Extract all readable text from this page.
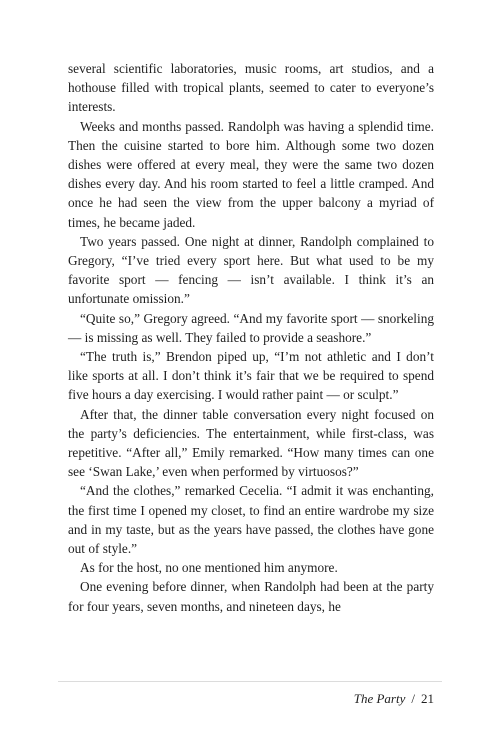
several scientific laboratories, music rooms, art studios, and a hothouse filled with tropical plants, seemed to cater to everyone’s interests.

Weeks and months passed. Randolph was having a splendid time. Then the cuisine started to bore him. Although some two dozen dishes were offered at every meal, they were the same two dozen dishes every day. And his room started to feel a little cramped. And once he had seen the view from the upper balcony a myriad of times, he became jaded.

Two years passed. One night at dinner, Randolph complained to Gregory, “I’ve tried every sport here. But what used to be my favorite sport — fencing — isn’t available. I think it’s an unfortunate omission.”

“Quite so,” Gregory agreed. “And my favorite sport — snorkeling — is missing as well. They failed to provide a seashore.”

“The truth is,” Brendon piped up, “I’m not athletic and I don’t like sports at all. I don’t think it’s fair that we be required to spend five hours a day exercising. I would rather paint — or sculpt.”

After that, the dinner table conversation every night focused on the party’s deficiencies. The entertainment, while first-class, was repetitive. “After all,” Emily remarked. “How many times can one see ‘Swan Lake,’ even when performed by virtuosos?”

“And the clothes,” remarked Cecelia. “I admit it was enchanting, the first time I opened my closet, to find an entire wardrobe my size and in my taste, but as the years have passed, the clothes have gone out of style.”

As for the host, no one mentioned him anymore.

One evening before dinner, when Randolph had been at the party for four years, seven months, and nineteen days, he

The Party / 21
